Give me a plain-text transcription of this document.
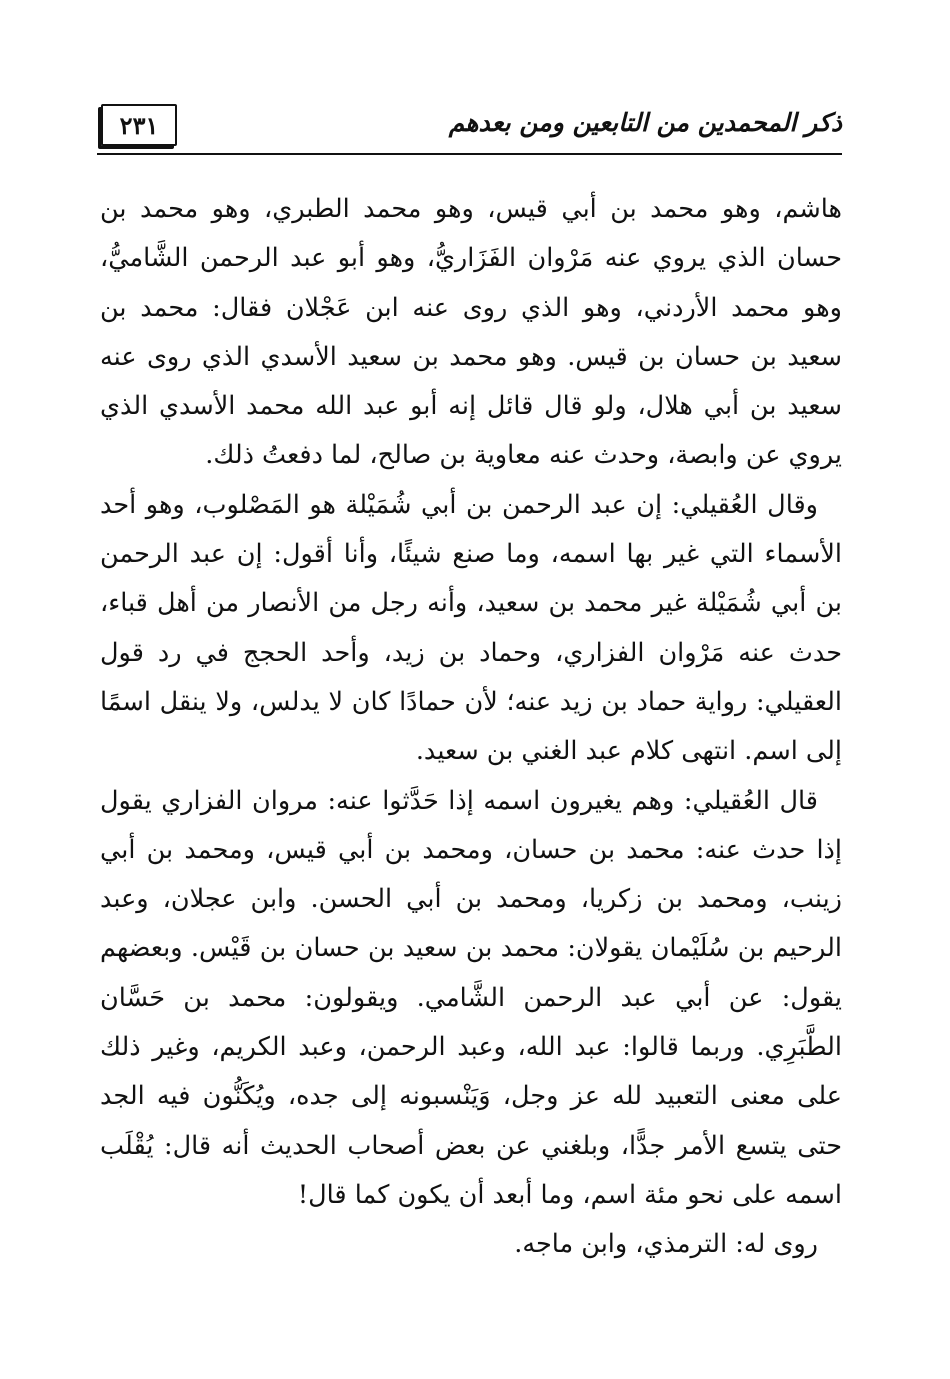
٢٣١	ذكر المحمدين من التابعين ومن بعدهم

هاشم، وهو محمد بن أبي قيس، وهو محمد الطبري، وهو محمد بن حسان الذي يروي عنه مَرْوان الفَزَاريُّ، وهو أبو عبد الرحمن الشَّاميُّ، وهو محمد الأردني، وهو الذي روى عنه ابن عَجْلان فقال: محمد بن سعيد بن حسان بن قيس. وهو محمد بن سعيد الأسدي الذي روى عنه سعيد بن أبي هلال، ولو قال قائل إنه أبو عبد الله محمد الأسدي الذي يروي عن وابصة، وحدث عنه معاوية بن صالح، لما دفعتُ ذلك.

وقال العُقيلي: إن عبد الرحمن بن أبي شُمَيْلة هو المَصْلوب، وهو أحد الأسماء التي غير بها اسمه، وما صنع شيئًا، وأنا أقول: إن عبد الرحمن بن أبي شُمَيْلة غير محمد بن سعيد، وأنه رجل من الأنصار من أهل قباء، حدث عنه مَرْوان الفزاري، وحماد بن زيد، وأحد الحجج في رد قول العقيلي: رواية حماد بن زيد عنه؛ لأن حمادًا كان لا يدلس، ولا ينقل اسمًا إلى اسم. انتهى كلام عبد الغني بن سعيد.

قال العُقيلي: وهم يغيرون اسمه إذا حَدَّثوا عنه: مروان الفزاري يقول إذا حدث عنه: محمد بن حسان، ومحمد بن أبي قيس، ومحمد بن أبي زينب، ومحمد بن زكريا، ومحمد بن أبي الحسن. وابن عجلان، وعبد الرحيم بن سُلَيْمان يقولان: محمد بن سعيد بن حسان بن قَيْس. وبعضهم يقول: عن أبي عبد الرحمن الشَّامي. ويقولون: محمد بن حَسَّان الطَّبَرِي. وربما قالوا: عبد الله، وعبد الرحمن، وعبد الكريم، وغير ذلك على معنى التعبيد لله عز وجل، وَيَنْسبونه إلى جده، ويُكَنُّون فيه الجد حتى يتسع الأمر جدًّا، وبلغني عن بعض أصحاب الحديث أنه قال: يُقْلَب اسمه على نحو مئة اسم، وما أبعد أن يكون كما قال!

روى له: الترمذي، وابن ماجه.
